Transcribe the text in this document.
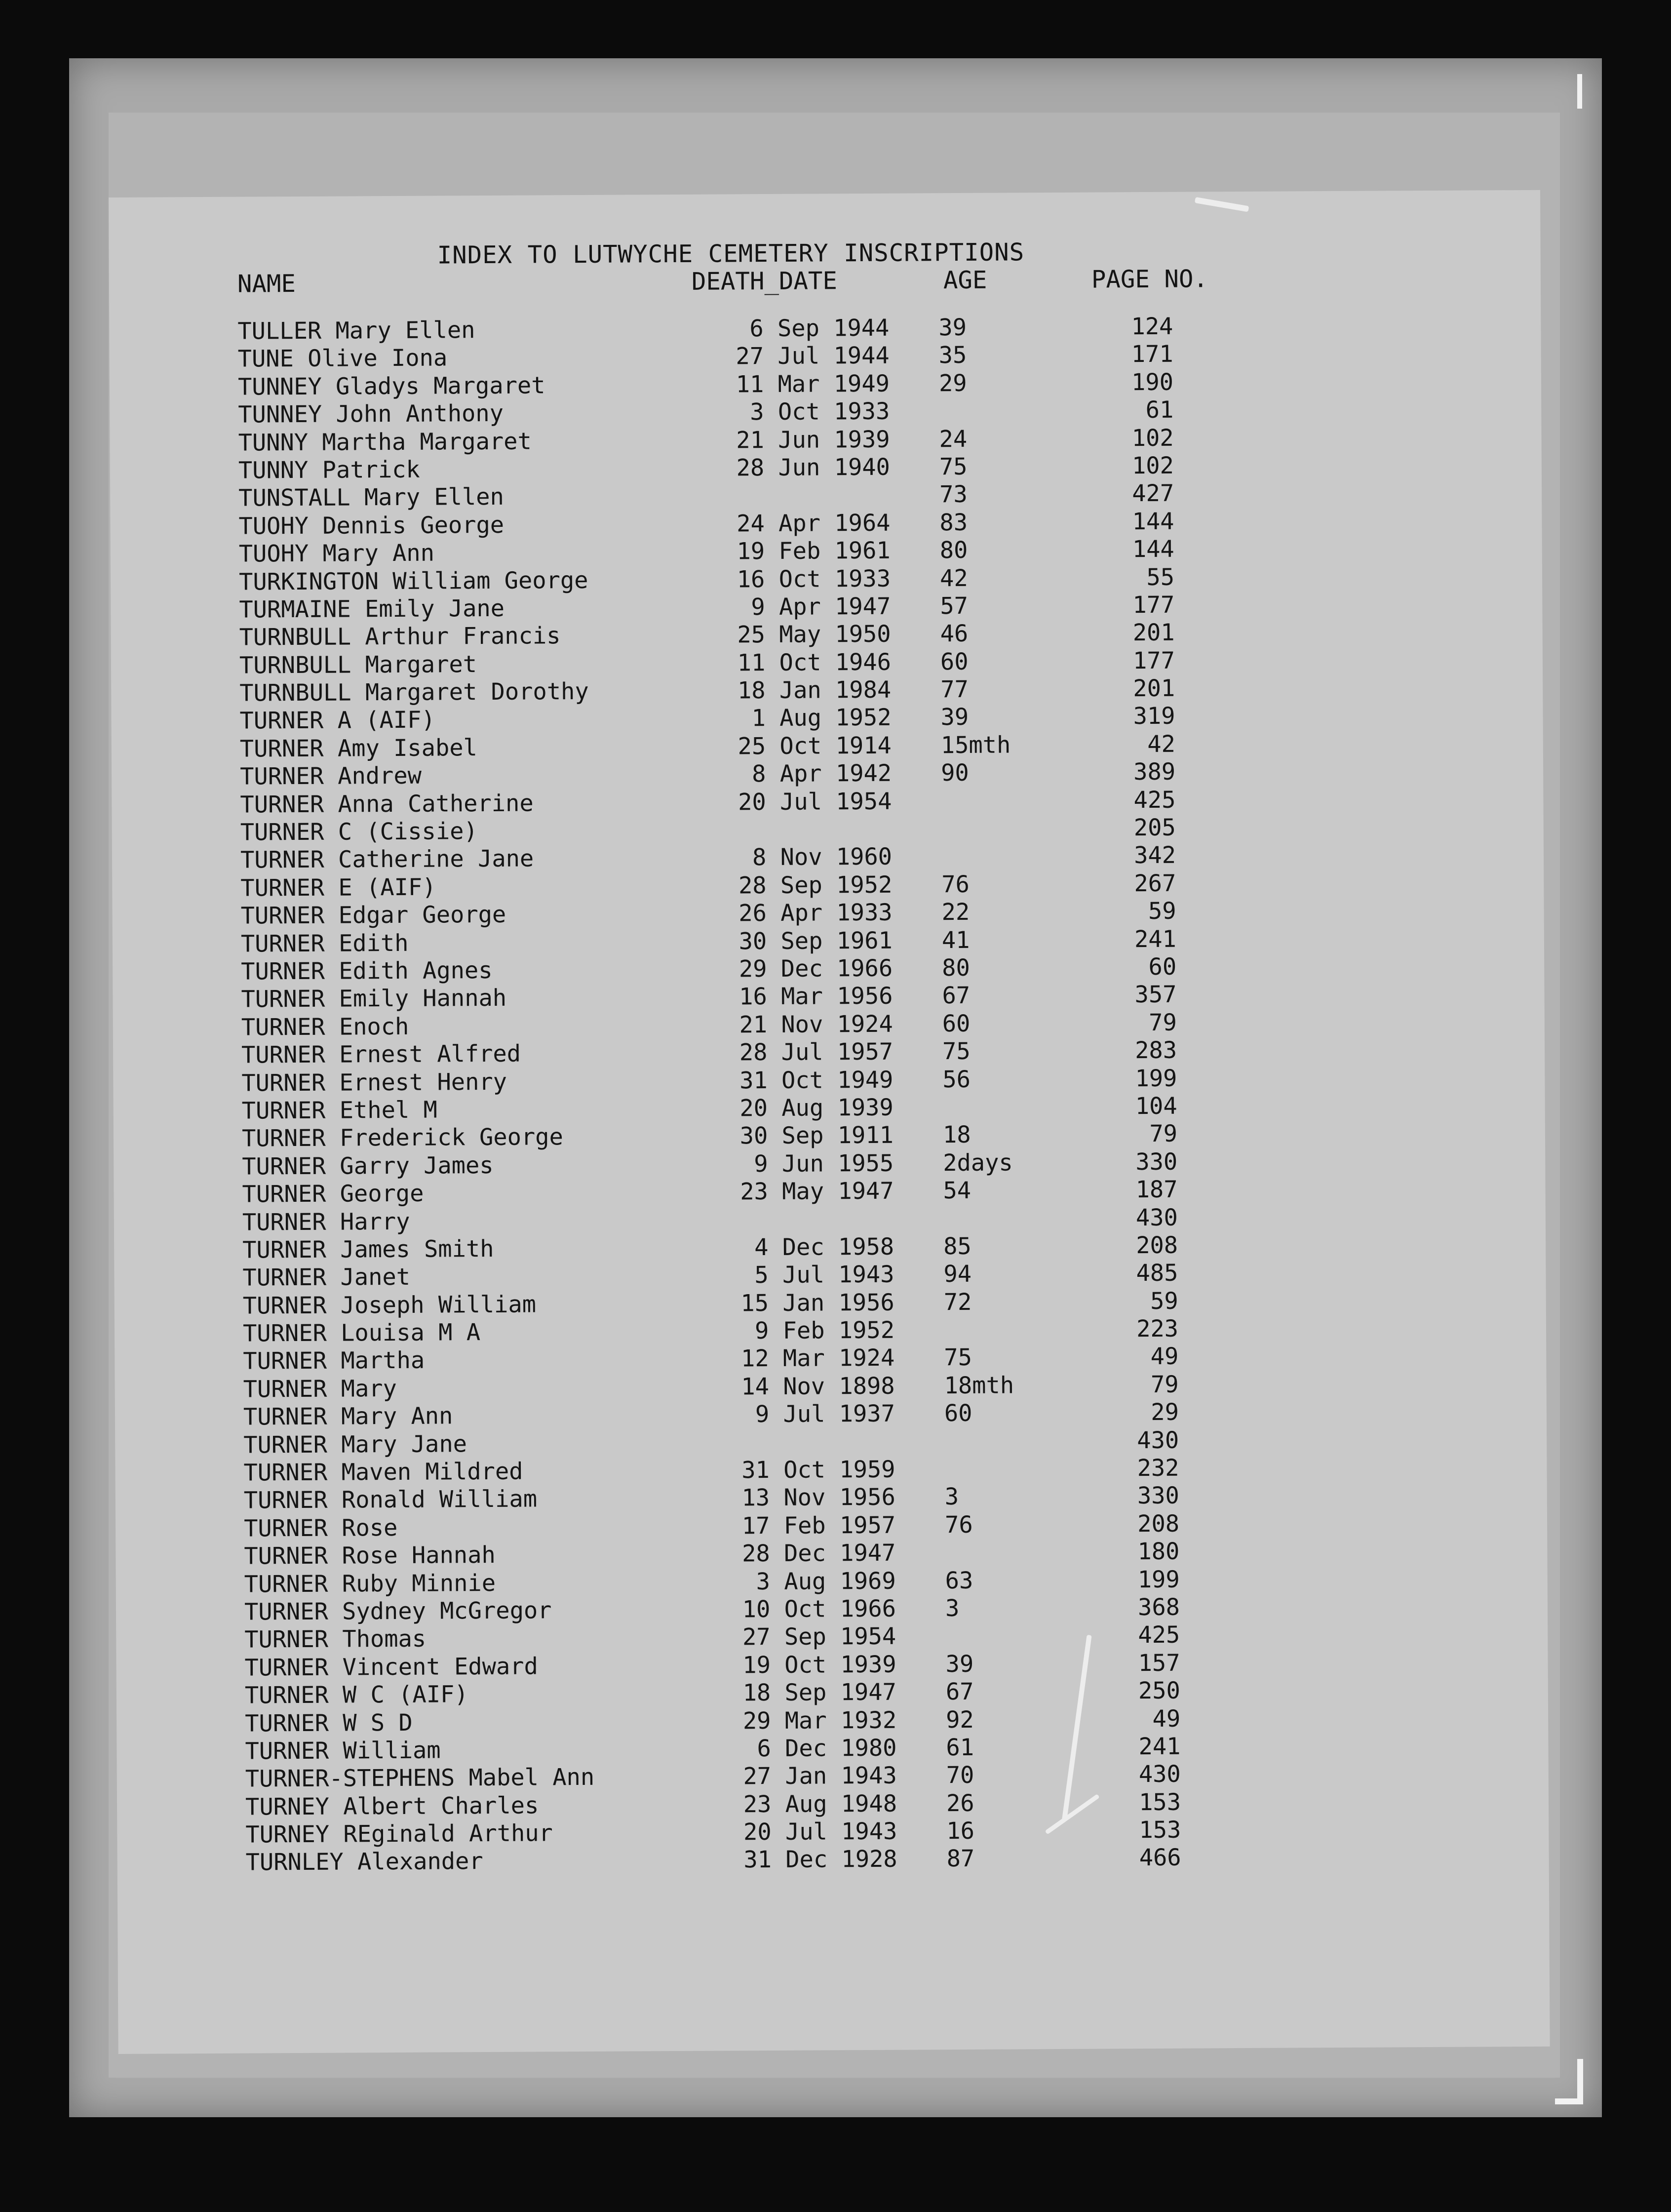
INDEX TO LUTWYCHE CEMETERY INSCRIPTIONS
NAME	DEATH_DATE	AGE	PAGE NO.
TULLER Mary Ellen	6 Sep 1944 39	124
TUNE Olive Iona	27 Jul 1944 35	171
TUNNEY Gladys Margaret	11 Mar 1949 29	190
TUNNEY John Anthony	3 Oct 1933	61
TUNNY Martha Margaret	21 Jun 1939 24	102
TUNNY Patrick	28 Jun 1940 75	102
TUNSTALL Mary Ellen	73	427
TUOHY Dennis George	24 Apr 1964 83	144
TUOHY Mary Ann	19 Feb 1961 80	144
TURKINGTON William George	16 Oct 1933 42	55
TURMAINE Emily Jane	9 Apr 1947 57	177
TURNBULL Arthur Francis	25 May 1950 46	201
TURNBULL Margaret	11 Oct 1946 60	177
TURNBULL Margaret Dorothy	18 Jan 1984 77	201
TURNER A (AIF)	1 Aug 1952 39	319
TURNER Amy Isabel	25 Oct 1914 15mth	42
TURNER Andrew	8 Apr 1942 90	389
TURNER Anna Catherine	20 Jul 1954	425
TURNER C (Cissie)	205
TURNER Catherine Jane	8 Nov 1960	342
TURNER E (AIF)	28 Sep 1952 76	267
TURNER Edgar George	26 Apr 1933 22	59
TURNER Edith	30 Sep 1961 41	241
TURNER Edith Agnes	29 Dec 1966 80	60
TURNER Emily Hannah	16 Mar 1956 67	357
TURNER Enoch	21 Nov 1924 60	79
TURNER Ernest Alfred	28 Jul 1957 75	283
TURNER Ernest Henry	31 Oct 1949 56	199
TURNER Ethel M	20 Aug 1939	104
TURNER Frederick George	30 Sep 1911 18	79
TURNER Garry James	9 Jun 1955 2days	330
TURNER George	23 May 1947 54	187
TURNER Harry	430
TURNER James Smith	4 Dec 1958 85	208
TURNER Janet	5 Jul 1943 94	485
TURNER Joseph William	15 Jan 1956 72	59
TURNER Louisa M A	9 Feb 1952	223
TURNER Martha	12 Mar 1924 75	49
TURNER Mary	14 Nov 1898 18mth	79
TURNER Mary Ann	9 Jul 1937 60	29
TURNER Mary Jane	430
TURNER Maven Mildred	31 Oct 1959	232
TURNER Ronald William	13 Nov 1956 3	330
TURNER Rose	17 Feb 1957 76	208
TURNER Rose Hannah	28 Dec 1947	180
TURNER Ruby Minnie	3 Aug 1969 63	199
TURNER Sydney McGregor	10 Oct 1966 3	368
TURNER Thomas	27 Sep 1954	425
TURNER Vincent Edward	19 Oct 1939 39	157
TURNER W C (AIF)	18 Sep 1947 67	250
TURNER W S D	29 Mar 1932 92	49
TURNER William	6 Dec 1980 61	241
TURNER-STEPHENS Mabel Ann	27 Jan 1943 70	430
TURNEY Albert Charles	23 Aug 1948 26	153
TURNEY REginald Arthur	20 Jul 1943 16	153
TURNLEY Alexander	31 Dec 1928 87	466
